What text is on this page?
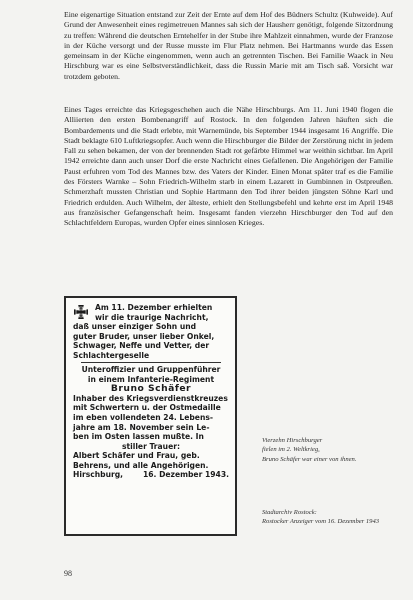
Eine eigenartige Situation entstand zur Zeit der Ernte auf dem Hof des Büdners Schultz (Kuhweide). Auf Grund der Anwesenheit eines regimetreuen Mannes sah sich der Hausherr genötigt, folgende Sitzordnung zu treffen: Während die deutschen Erntehelfer in der Stube ihre Mahlzeit einnahmen, wurde der Franzose in der Küche versorgt und der Russe musste im Flur Platz nehmen. Bei Hartmanns wurde das Essen gemeinsam in der Küche eingenommen, wenn auch an getrennten Tischen. Bei Familie Waack in Neu Hirschburg war es eine Selbstverständlichkeit, dass die Russin Marie mit am Tisch saß. Vorsicht war trotzdem geboten.

Eines Tages erreichte das Kriegsgeschehen auch die Nähe Hirschburgs. Am 11. Juni 1940 flogen die Alliierten den ersten Bombenangriff auf Rostock. In den folgenden Jahren häuften sich die Bombardements und die Stadt erlebte, mit Warnemünde, bis September 1944 insgesamt 16 Angriffe. Die Stadt beklagte 610 Luftkriegsopfer. Auch wenn die Hirschburger die Bilder der Zerstörung nicht in jedem Fall zu sehen bekamen, der von der brennenden Stadt rot gefärbte Himmel war weithin sichtbar. Im April 1942 erreichte dann auch unser Dorf die erste Nachricht eines Gefallenen. Die Angehörigen der Familie Paust erfuhren vom Tod des Mannes bzw. des Vaters der Kinder. Einen Monat später traf es die Familie des Försters Warnke – Sohn Friedrich-Wilhelm starb in einem Lazarett in Gumbinnen in Ostpreußen. Schmerzhaft mussten Christian und Sophie Hartmann den Tod ihrer beiden jüngsten Söhne Karl und Friedrich erdulden. Auch Wilhelm, der älteste, erhielt den Stellungsbefehl und kehrte erst im April 1948 aus französischer Gefangenschaft heim. Insgesamt fanden vierzehn Hirschburger den Tod auf den Schlachtfeldern Europas, wurden Opfer eines sinnlosen Krieges.

Am 11. Dezember erhielten
wir die traurige Nachricht,
daß unser einziger Sohn und
guter Bruder, unser lieber Onkel,
Schwager, Neffe und Vetter, der
Schlachtergeselle
Unteroffizier und Gruppenführer
in einem Infanterie-Regiment
Bruno Schäfer
Inhaber des Kriegsverdienstkreuzes
mit Schwertern u. der Ostmedaille
im eben vollendeten 24. Lebens-
jahre am 18. November sein Le-
ben im Osten lassen mußte. In
stiller Trauer:
Albert Schäfer und Frau, geb.
Behrens, und alle Angehörigen.
Hirschburg,	16. Dezember 1943.
Vierzehn Hirschburger
fielen im 2. Weltkrieg,
Bruno Schäfer war einer von ihnen.
Stadtarchiv Rostock:
Rostocker Anzeiger vom 16. Dezember 1943
98
